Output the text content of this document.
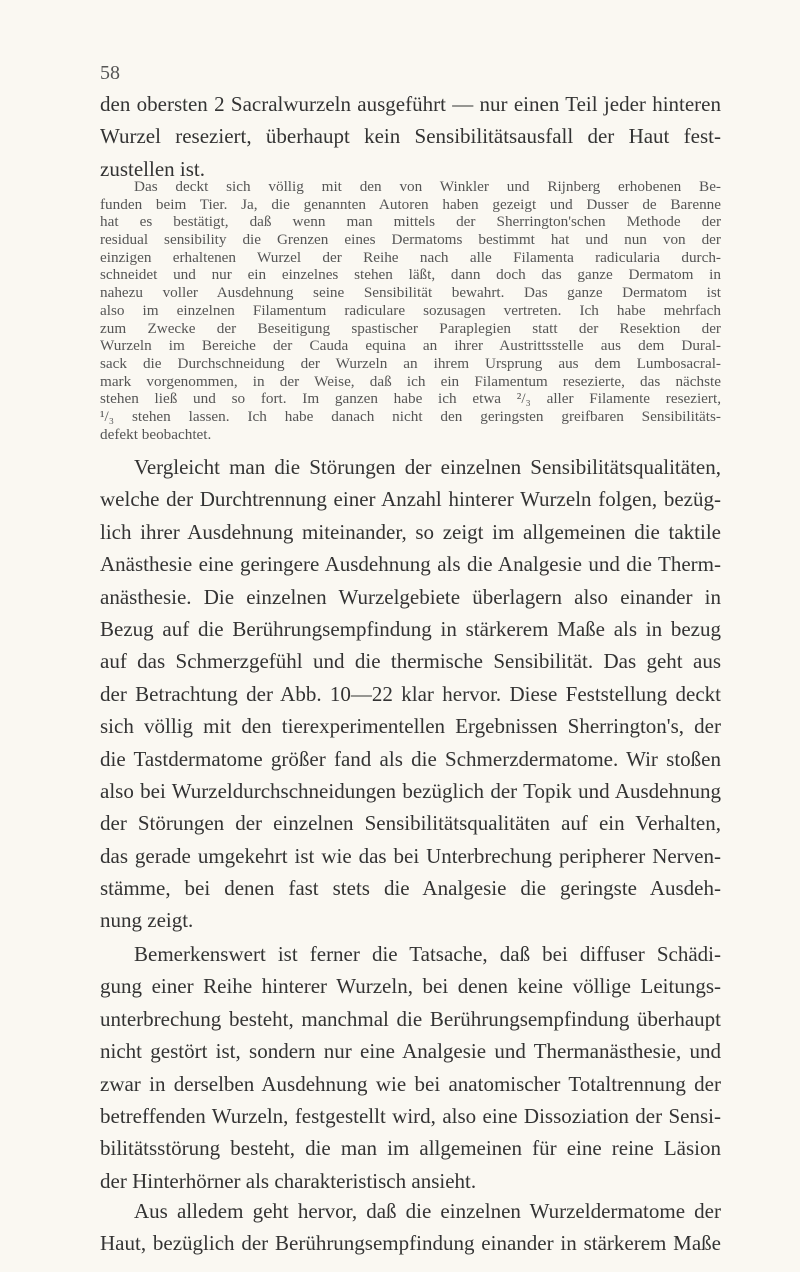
58
den obersten 2 Sacralwurzeln ausgeführt — nur einen Teil jeder hinteren
Wurzel reseziert, überhaupt kein Sensibilitätsausfall der Haut fest-
zustellen ist.
Das deckt sich völlig mit den von Winkler und Rijnberg erhobenen Be-
funden beim Tier. Ja, die genannten Autoren haben gezeigt und Dusser de Barenne
hat es bestätigt, daß wenn man mittels der Sherrington'schen Methode der
residual sensibility die Grenzen eines Dermatoms bestimmt hat und nun von der
einzigen erhaltenen Wurzel der Reihe nach alle Filamenta radicularia durch-
schneidet und nur ein einzelnes stehen läßt, dann doch das ganze Dermatom in
nahezu voller Ausdehnung seine Sensibilität bewahrt. Das ganze Dermatom ist
also im einzelnen Filamentum radiculare sozusagen vertreten. Ich habe mehrfach
zum Zwecke der Beseitigung spastischer Paraplegien statt der Resektion der
Wurzeln im Bereiche der Cauda equina an ihrer Austrittsstelle aus dem Dural-
sack die Durchschneidung der Wurzeln an ihrem Ursprung aus dem Lumbosacral-
mark vorgenommen, in der Weise, daß ich ein Filamentum resezierte, das nächste
stehen ließ und so fort. Im ganzen habe ich etwa ²/₃ aller Filamente reseziert,
¹/₃ stehen lassen. Ich habe danach nicht den geringsten greifbaren Sensibilitäts-
defekt beobachtet.
Vergleicht man die Störungen der einzelnen Sensibilitätsqualitäten,
welche der Durchtrennung einer Anzahl hinterer Wurzeln folgen, bezüg-
lich ihrer Ausdehnung miteinander, so zeigt im allgemeinen die taktile
Anästhesie eine geringere Ausdehnung als die Analgesie und die Therm-
anästhesie. Die einzelnen Wurzelgebiete überlagern also einander in
Bezug auf die Berührungsempfindung in stärkerem Maße als in bezug
auf das Schmerzgefühl und die thermische Sensibilität. Das geht aus
der Betrachtung der Abb. 10—22 klar hervor. Diese Feststellung deckt
sich völlig mit den tierexperimentellen Ergebnissen Sherrington's, der
die Tastdermatome größer fand als die Schmerzdermatome. Wir stoßen
also bei Wurzeldurchschneidungen bezüglich der Topik und Ausdehnung
der Störungen der einzelnen Sensibilitätsqualitäten auf ein Verhalten,
das gerade umgekehrt ist wie das bei Unterbrechung peripherer Nerven-
stämme, bei denen fast stets die Analgesie die geringste Ausdeh-
nung zeigt.
Bemerkenswert ist ferner die Tatsache, daß bei diffuser Schädi-
gung einer Reihe hinterer Wurzeln, bei denen keine völlige Leitungs-
unterbrechung besteht, manchmal die Berührungsempfindung überhaupt
nicht gestört ist, sondern nur eine Analgesie und Thermanästhesie, und
zwar in derselben Ausdehnung wie bei anatomischer Totaltrennung der
betreffenden Wurzeln, festgestellt wird, also eine Dissoziation der Sensi-
bilitätsstörung besteht, die man im allgemeinen für eine reine Läsion
der Hinterhörner als charakteristisch ansieht.
Aus alledem geht hervor, daß die einzelnen Wurzeldermatome der
Haut, bezüglich der Berührungsempfindung einander in stärkerem Maße
